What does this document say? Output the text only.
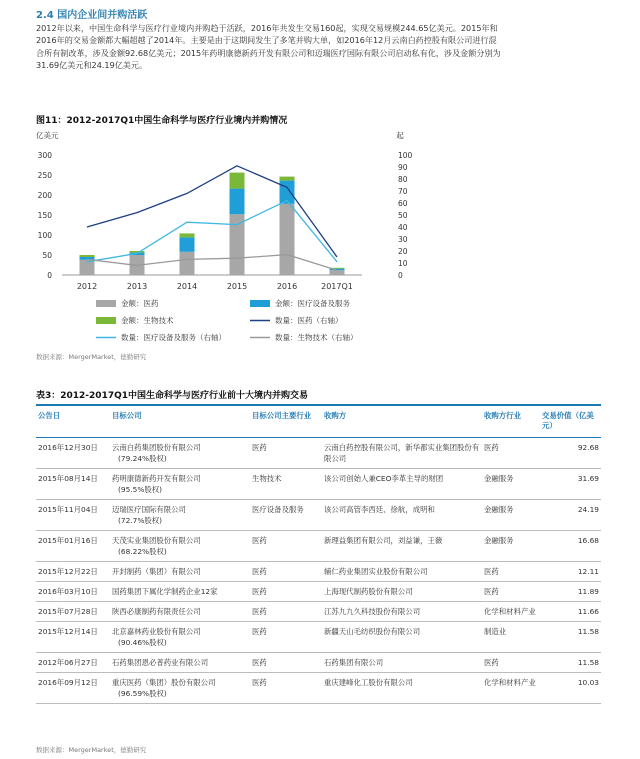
2.4 国内企业间并购活跃
2012年以来，中国生命科学与医疗行业境内并购趋于活跃，2016年共发生交易160起，实现交易规模244.65亿美元。2015年和
2016年的交易金额都大幅超越了2014年。主要是由于这期间发生了多笔并购大单，如2016年12月云南白药控股有限公司进行混
合所有制改革，涉及金额92.68亿美元；2015年药明康德新药开发有限公司和迈瑞医疗国际有限公司启动私有化，涉及金额分别为
31.69亿美元和24.19亿美元。
图11：2012-2017Q1中国生命科学与医疗行业境内并购情况
亿美元	起
0
50
100
150
200
250
300
0
10
20
30
40
50
60
70
80
90
100
2012	2013	2014	2015	2016	2017Q1
金额：医药	金额：医疗设备及服务
金额：生物技术	数量：医药（右轴）
数量：医疗设备及服务（右轴）	数量：生物技术（右轴）
数据来源：MergerMarket，德勤研究
表3：2012-2017Q1中国生命科学与医疗行业前十大境内并购交易
公告日	目标公司	目标公司主要行业	收购方	收购方行业	交易价值（亿美元）
2016年12月30日	云南白药集团股份有限公司
(79.24%股权)	医药	云南白药控股有限公司，新华都实业集团股份有限公司	医药	92.68
2015年08月14日	药明康德新药开发有限公司
(95.5%股权)	生物技术	该公司创始人兼CEO李革主导的财团	金融服务	31.69
2015年11月04日	迈瑞医疗国际有限公司
(72.7%股权)	医疗设备及服务	该公司高管李西廷、徐航，成明和	金融服务	24.19
2015年01月16日	天茂实业集团股份有限公司
(68.22%股权)	医药	新理益集团有限公司，刘益谦，王薇	金融服务	16.68
2015年12月22日	开封制药（集团）有限公司	医药	辅仁药业集团实业股份有限公司	医药	12.11
2016年03月10日	国药集团下属化学制药企业12家	医药	上海现代制药股份有限公司	医药	11.89
2015年07月28日	陕西必康制药有限责任公司	医药	江苏九九久科技股份有限公司	化学和材料产业	11.66
2015年12月14日	北京嘉林药业股份有限公司
(90.46%股权)	医药	新疆天山毛纺织股份有限公司	制造业	11.58
2012年06月27日	石药集团恩必普药业有限公司	医药	石药集团有限公司	医药	11.58
2016年09月12日	重庆医药（集团）股份有限公司
(96.59%股权)	医药	重庆建峰化工股份有限公司	化学和材料产业	10.03
数据来源：MergerMarket，德勤研究
